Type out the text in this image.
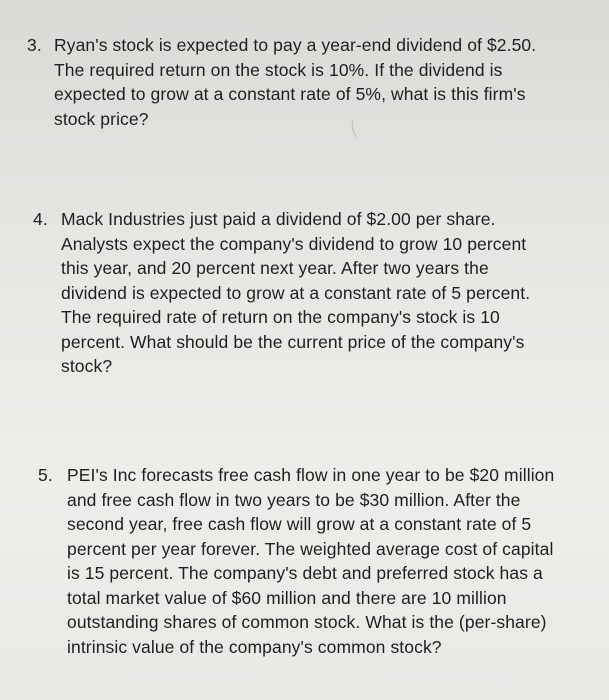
3. Ryan's stock is expected to pay a year-end dividend of $2.50.
The required return on the stock is 10%. If the dividend is
expected to grow at a constant rate of 5%, what is this firm's
stock price?

4. Mack Industries just paid a dividend of $2.00 per share.
Analysts expect the company's dividend to grow 10 percent
this year, and 20 percent next year. After two years the
dividend is expected to grow at a constant rate of 5 percent.
The required rate of return on the company's stock is 10
percent. What should be the current price of the company's
stock?

5. PEI's Inc forecasts free cash flow in one year to be $20 million
and free cash flow in two years to be $30 million. After the
second year, free cash flow will grow at a constant rate of 5
percent per year forever. The weighted average cost of capital
is 15 percent. The company's debt and preferred stock has a
total market value of $60 million and there are 10 million
outstanding shares of common stock. What is the (per-share)
intrinsic value of the company's common stock?
